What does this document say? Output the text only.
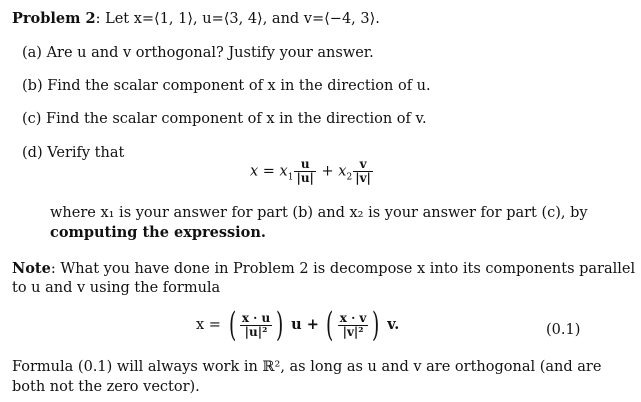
Problem 2: Let x=⟨1, 1⟩, u=⟨3, 4⟩, and v=⟨−4, 3⟩.
(a) Are u and v orthogonal? Justify your answer.
(b) Find the scalar component of x in the direction of u.
(c) Find the scalar component of x in the direction of v.
(d) Verify that
$x = x_1 \frac{u}{|u|} + x_2 \frac{v}{|v|}$
where x₁ is your answer for part (b) and x₂ is your answer for part (c), by
computing the expression.
Note: What you have done in Problem 2 is decompose x into its components parallel
to u and v using the formula
x = ( $\frac{x \cdot u}{\text{|u|²}}$ ) u + ( $\frac{x \cdot v}{\text{|v|²}}$ ) v.	(0.1)
Formula (0.1) will always work in ℝ², as long as u and v are orthogonal (and are
both not the zero vector).
